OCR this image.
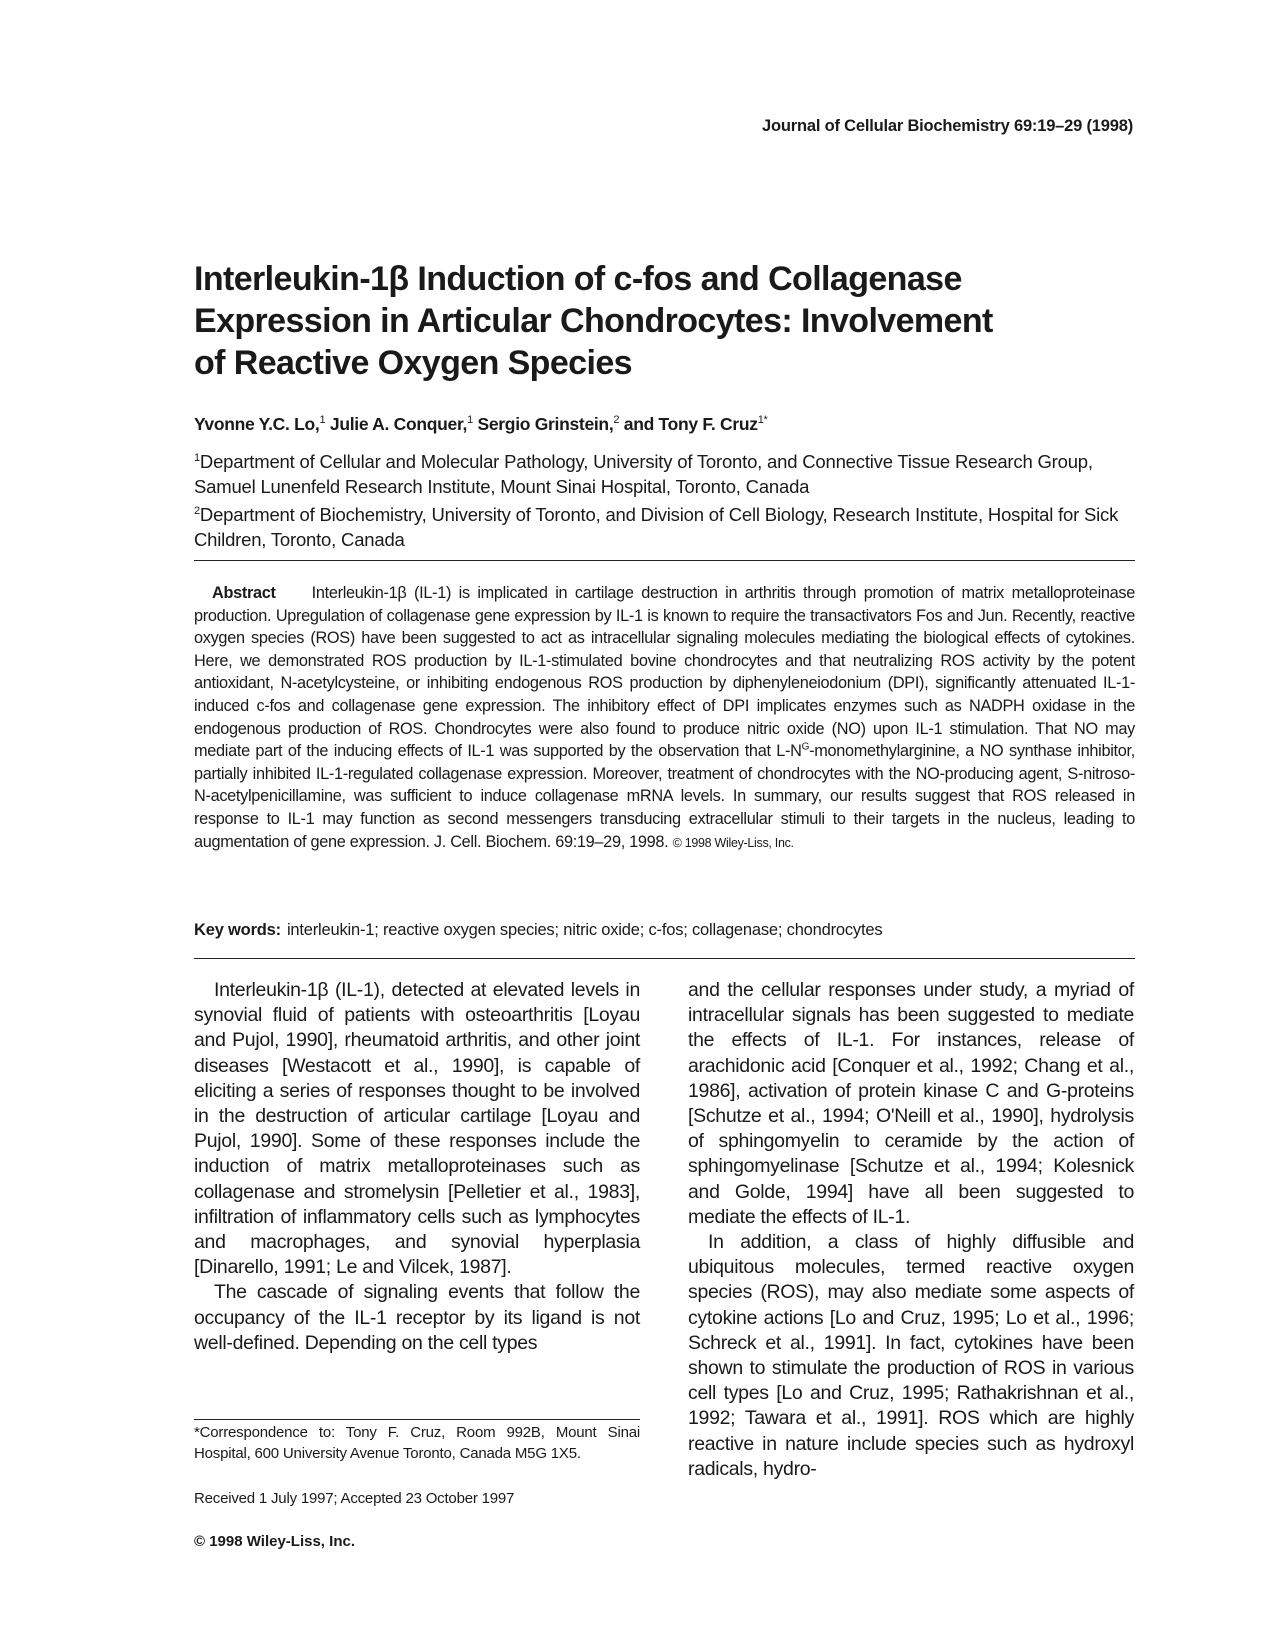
Journal of Cellular Biochemistry 69:19–29 (1998)
Interleukin-1β Induction of c-fos and Collagenase
Expression in Articular Chondrocytes: Involvement
of Reactive Oxygen Species
Yvonne Y.C. Lo,$^1$ Julie A. Conquer,$^1$ Sergio Grinstein,$^2$ and Tony F. Cruz$^{1*}$

$^1$Department of Cellular and Molecular Pathology, University of Toronto, and Connective Tissue Research Group, Samuel Lunenfeld Research Institute, Mount Sinai Hospital, Toronto, Canada

$^2$Department of Biochemistry, University of Toronto, and Division of Cell Biology, Research Institute, Hospital for Sick Children, Toronto, Canada

Abstract Interleukin-1β (IL-1) is implicated in cartilage destruction in arthritis through promotion of matrix metalloproteinase production. Upregulation of collagenase gene expression by IL-1 is known to require the transactivators Fos and Jun. Recently, reactive oxygen species (ROS) have been suggested to act as intracellular signaling molecules mediating the biological effects of cytokines. Here, we demonstrated ROS production by IL-1-stimulated bovine chondrocytes and that neutralizing ROS activity by the potent antioxidant, N-acetylcysteine, or inhibiting endogenous ROS production by diphenyleneiodonium (DPI), significantly attenuated IL-1-induced c-fos and collagenase gene expression. The inhibitory effect of DPI implicates enzymes such as NADPH oxidase in the endogenous production of ROS. Chondrocytes were also found to produce nitric oxide (NO) upon IL-1 stimulation. That NO may mediate part of the inducing effects of IL-1 was supported by the observation that $L-N^G$-monomethylarginine, a NO synthase inhibitor, partially inhibited IL-1-regulated collagenase expression. Moreover, treatment of chondrocytes with the NO-producing agent, S-nitroso-N-acetylpenicillamine, was sufficient to induce collagenase mRNA levels. In summary, our results suggest that ROS released in response to IL-1 may function as second messengers transducing extracellular stimuli to their targets in the nucleus, leading to augmentation of gene expression. J. Cell. Biochem. 69:19–29, 1998. © 1998 Wiley-Liss, Inc.
Key words: interleukin-1; reactive oxygen species; nitric oxide; c-fos; collagenase; chondrocytes

Interleukin-1β (IL-1), detected at elevated levels in synovial fluid of patients with osteoarthritis [Loyau and Pujol, 1990], rheumatoid arthritis, and other joint diseases [Westacott et al., 1990], is capable of eliciting a series of responses thought to be involved in the destruction of articular cartilage [Loyau and Pujol, 1990]. Some of these responses include the induction of matrix metalloproteinases such as collagenase and stromelysin [Pelletier et al., 1983], infiltration of inflammatory cells such as lymphocytes and macrophages, and synovial hyperplasia [Dinarello, 1991; Le and Vilcek, 1987].

The cascade of signaling events that follow the occupancy of the IL-1 receptor by its ligand is not well-defined. Depending on the cell types

and the cellular responses under study, a myriad of intracellular signals has been suggested to mediate the effects of IL-1. For instances, release of arachidonic acid [Conquer et al., 1992; Chang et al., 1986], activation of protein kinase C and G-proteins [Schutze et al., 1994; O'Neill et al., 1990], hydrolysis of sphingomyelin to ceramide by the action of sphingomyelinase [Schutze et al., 1994; Kolesnick and Golde, 1994] have all been suggested to mediate the effects of IL-1.

In addition, a class of highly diffusible and ubiquitous molecules, termed reactive oxygen species (ROS), may also mediate some aspects of cytokine actions [Lo and Cruz, 1995; Lo et al., 1996; Schreck et al., 1991]. In fact, cytokines have been shown to stimulate the production of ROS in various cell types [Lo and Cruz, 1995; Rathakrishnan et al., 1992; Tawara et al., 1991]. ROS which are highly reactive in nature include species such as hydroxyl radicals, hydro-

*Correspondence to: Tony F. Cruz, Room 992B, Mount Sinai Hospital, 600 University Avenue Toronto, Canada M5G 1X5.

Received 1 July 1997; Accepted 23 October 1997
© 1998 Wiley-Liss, Inc.
